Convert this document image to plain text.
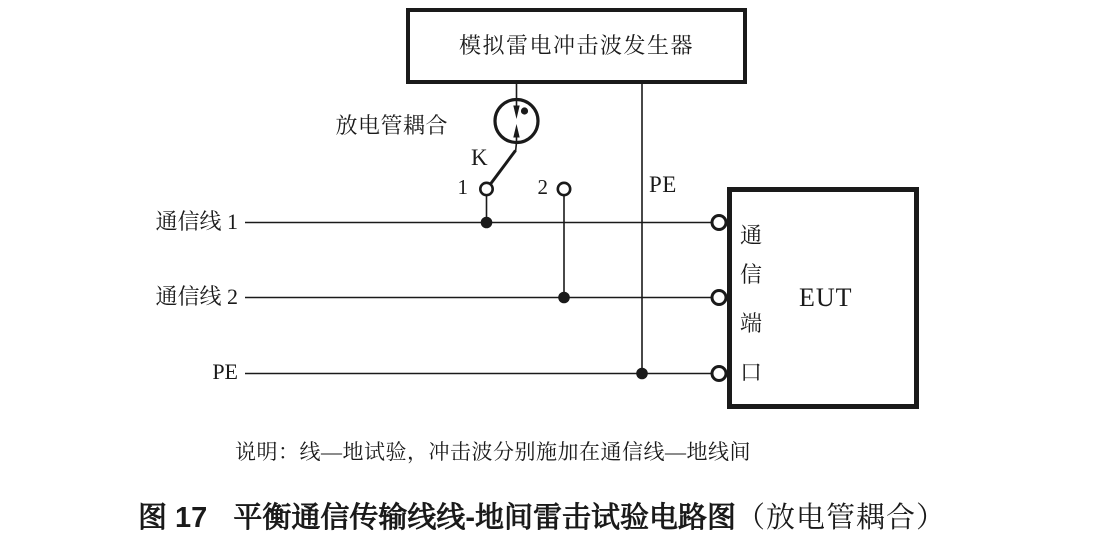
模拟雷电冲击波发生器
放电管耦合
K
1	2	PE
通信线 1
通信线 2
PE
通
信
端
口
EUT
说明：线—地试验，冲击波分别施加在通信线—地线间
图 17 平衡通信传输线线-地间雷击试验电路图（放电管耦合）
